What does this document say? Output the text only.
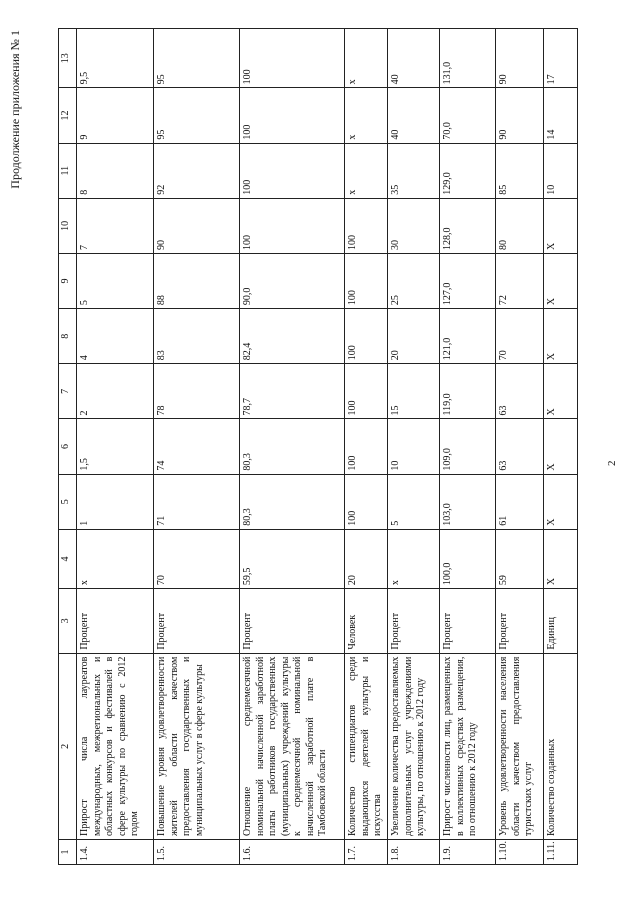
2
Продолжение приложения № 1
1	2	3	4	5	6	7	8	9	10	11	12	13
1.4.	Прирост числа лауреатов международных, межрегиональных и областных конкурсов и фестивалей в сфере культуры по сравнению с 2012 годом	Процент	х	1	1,5	2	4	5	7	8	9	9,5
1.5.	Повышение уровня удовлетворенности жителей области качеством предоставления государственных и муниципальных услуг в сфере культуры	Процент	70	71	74	78	83	88	90	92	95	95
1.6.	Отношение среднемесячной номинальной начисленной заработной платы работников государственных (муниципальных) учреждений культуры к среднемесячной номинальной начисленной заработной плате в Тамбовской области	Процент	59,5	80,3	80,3	78,7	82,4	90,0	100	100	100	100
1.7.	Количество стипендиатов среди выдающихся деятелей культуры и искусства	Человек	20	100	100	100	100	100	100	х	х	х
1.8.	Увеличение количества предоставляемых дополнительных услуг учреждениями культуры, по отношению к 2012 году	Процент	х	5	10	15	20	25	30	35	40	40
1.9.	Прирост численности лиц, размещенных в коллективных средствах размещения, по отношению к 2012 году	Процент	100,0	103,0	109,0	119,0	121,0	127,0	128,0	129,0	70,0	131,0
1.10.	Уровень удовлетворенности населения области качеством предоставления туристских услуг	Процент	59	61	63	63	70	72	80	85	90	90
1.11.	Количество созданных	Единиц	Х	Х	Х	Х	Х	Х	Х	10	14	17
